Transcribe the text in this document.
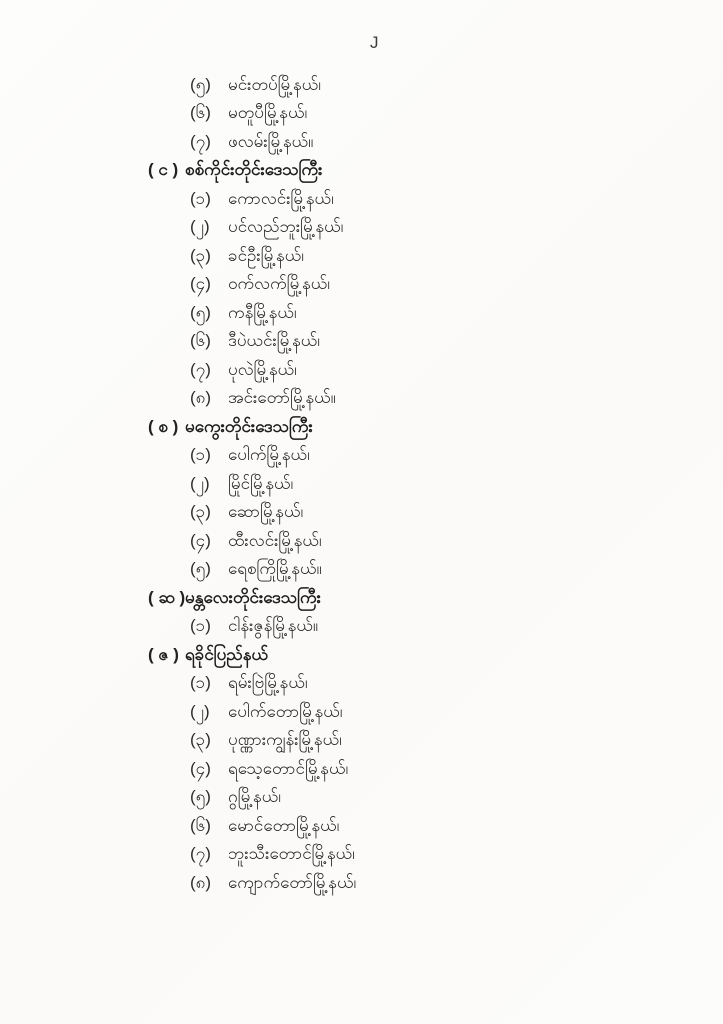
J
(၅)	မင်းတပ်မြို့နယ်၊
(၆)	မတူပီမြို့နယ်၊
(၇)	ဖလမ်းမြို့နယ်။
( င ) စစ်ကိုင်းတိုင်းဒေသကြီး
(၁)	ကောလင်းမြို့နယ်၊
(၂)	ပင်လည်ဘူးမြို့နယ်၊
(၃)	ခင်ဦးမြို့နယ်၊
(၄)	ဝက်လက်မြို့နယ်၊
(၅)	ကနီမြို့နယ်၊
(၆)	ဒီပဲယင်းမြို့နယ်၊
(၇)	ပုလဲမြို့နယ်၊
(၈) အင်းတော်မြို့နယ်။
( စ ) မကွေးတိုင်းဒေသကြီး
(၁)	ပေါက်မြို့နယ်၊
(၂)	မြိုင်မြို့နယ်၊
(၃)	ဆောမြို့နယ်၊
(၄)	ထီးလင်းမြို့နယ်၊
(၅)	ရေစကြိုမြို့နယ်။
( ဆ ) မန္တလေးတိုင်းဒေသကြီး
(၁)	ငါန်းဇွန်မြို့နယ်။
( ဇ ) ရခိုင်ပြည်နယ်
(၁)	ရမ်းဗြဲမြို့နယ်၊
(၂)	ပေါက်တောမြို့နယ်၊
(၃)	ပုဏ္ဏားကျွန်းမြို့နယ်၊
(၄)	ရသေ့တောင်မြို့နယ်၊
(၅)	ဂွမြို့နယ်၊
(၆)	မောင်တောမြို့နယ်၊
(၇)	ဘူးသီးတောင်မြို့နယ်၊
(၈) ကျောက်တော်မြို့နယ်၊
